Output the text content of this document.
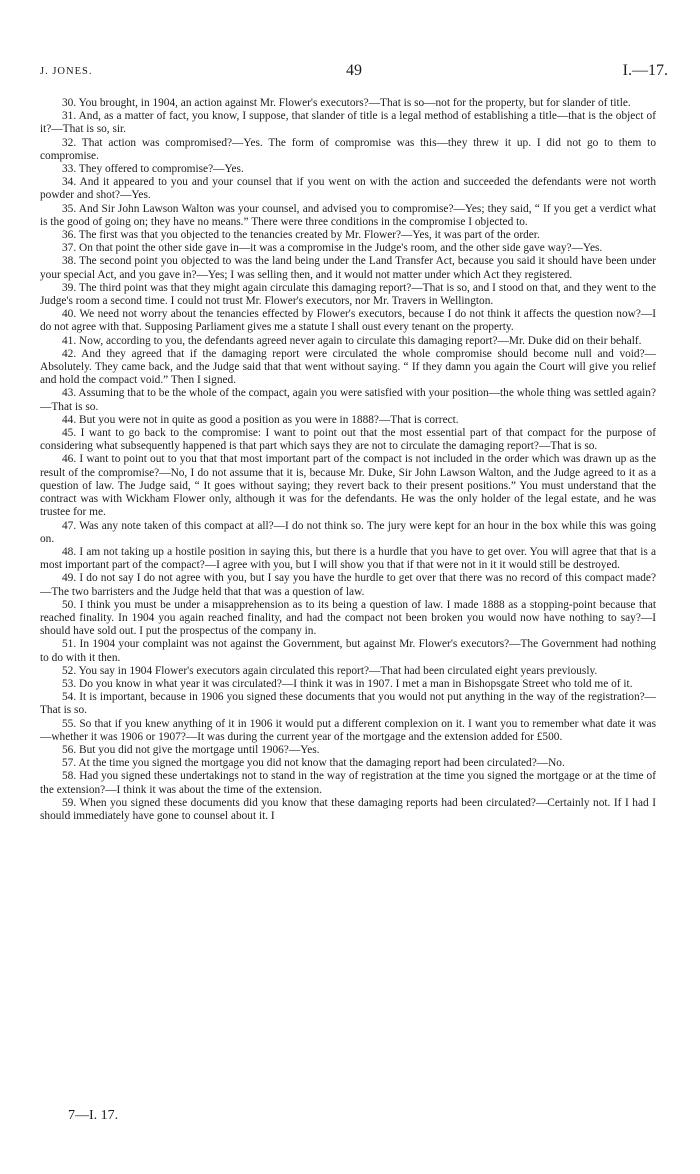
J. JONES.	49	I.—17.

30. You brought, in 1904, an action against Mr. Flower's executors?—That is so—not for the property, but for slander of title.

31. And, as a matter of fact, you know, I suppose, that slander of title is a legal method of establishing a title—that is the object of it?—That is so, sir.

32. That action was compromised?—Yes. The form of compromise was this—they threw it up. I did not go to them to compromise.

33. They offered to compromise?—Yes.

34. And it appeared to you and your counsel that if you went on with the action and succeeded the defendants were not worth powder and shot?—Yes.

35. And Sir John Lawson Walton was your counsel, and advised you to compromise?—Yes; they said, “ If you get a verdict what is the good of going on; they have no means.” There were three conditions in the compromise I objected to.

36. The first was that you objected to the tenancies created by Mr. Flower?—Yes, it was part of the order.

37. On that point the other side gave in—it was a compromise in the Judge's room, and the other side gave way?—Yes.

38. The second point you objected to was the land being under the Land Transfer Act, because you said it should have been under your special Act, and you gave in?—Yes; I was selling then, and it would not matter under which Act they registered.

39. The third point was that they might again circulate this damaging report?—That is so, and I stood on that, and they went to the Judge's room a second time. I could not trust Mr. Flower's executors, nor Mr. Travers in Wellington.

40. We need not worry about the tenancies effected by Flower's executors, because I do not think it affects the question now?—I do not agree with that. Supposing Parliament gives me a statute I shall oust every tenant on the property.

41. Now, according to you, the defendants agreed never again to circulate this damaging report?—Mr. Duke did on their behalf.

42. And they agreed that if the damaging report were circulated the whole compromise should become null and void?—Absolutely. They came back, and the Judge said that that went without saying. “ If they damn you again the Court will give you relief and hold the compact void.” Then I signed.

43. Assuming that to be the whole of the compact, again you were satisfied with your position—the whole thing was settled again?—That is so.

44. But you were not in quite as good a position as you were in 1888?—That is correct.

45. I want to go back to the compromise: I want to point out that the most essential part of that compact for the purpose of considering what subsequently happened is that part which says they are not to circulate the damaging report?—That is so.

46. I want to point out to you that that most important part of the compact is not included in the order which was drawn up as the result of the compromise?—No, I do not assume that it is, because Mr. Duke, Sir John Lawson Walton, and the Judge agreed to it as a question of law. The Judge said, “ It goes without saying; they revert back to their present positions.” You must understand that the contract was with Wickham Flower only, although it was for the defendants. He was the only holder of the legal estate, and he was trustee for me.

47. Was any note taken of this compact at all?—I do not think so. The jury were kept for an hour in the box while this was going on.

48. I am not taking up a hostile position in saying this, but there is a hurdle that you have to get over. You will agree that that is a most important part of the compact?—I agree with you, but I will show you that if that were not in it it would still be destroyed.

49. I do not say I do not agree with you, but I say you have the hurdle to get over that there was no record of this compact made?—The two barristers and the Judge held that that was a question of law.

50. I think you must be under a misapprehension as to its being a question of law. I made 1888 as a stopping-point because that reached finality. In 1904 you again reached finality, and had the compact not been broken you would now have nothing to say?—I should have sold out. I put the prospectus of the company in.

51. In 1904 your complaint was not against the Government, but against Mr. Flower's executors?—The Government had nothing to do with it then.

52. You say in 1904 Flower's executors again circulated this report?—That had been circulated eight years previously.

53. Do you know in what year it was circulated?—I think it was in 1907. I met a man in Bishopsgate Street who told me of it.

54. It is important, because in 1906 you signed these documents that you would not put anything in the way of the registration?—That is so.

55. So that if you knew anything of it in 1906 it would put a different complexion on it. I want you to remember what date it was—whether it was 1906 or 1907?—It was during the current year of the mortgage and the extension added for £500.

56. But you did not give the mortgage until 1906?—Yes.

57. At the time you signed the mortgage you did not know that the damaging report had been circulated?—No.

58. Had you signed these undertakings not to stand in the way of registration at the time you signed the mortgage or at the time of the extension?—I think it was about the time of the extension.

59. When you signed these documents did you know that these damaging reports had been circulated?—Certainly not. If I had I should immediately have gone to counsel about it. I

7—I. 17.
